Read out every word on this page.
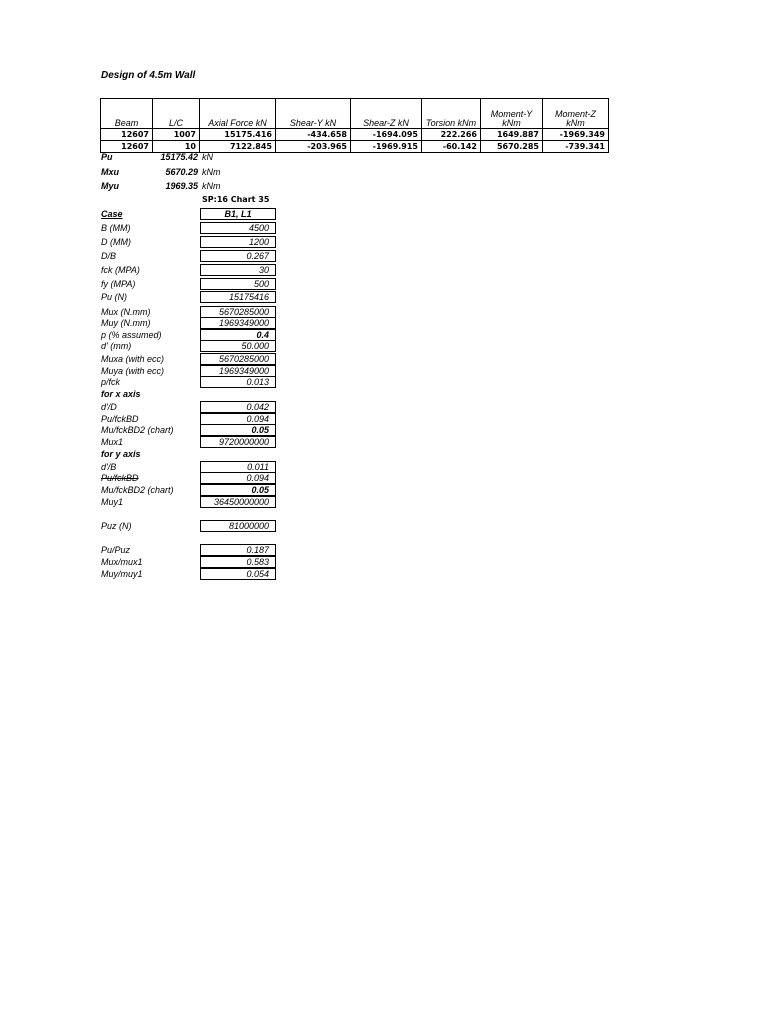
Design of 4.5m Wall
Beam	L/C	Axial Force kN	Shear-Y kN	Shear-Z kN	Torsion kNm	Moment-Y kNm	Moment-Z kNm
12607	1007	15175.416	-434.658	-1694.095	222.266	1649.887	-1969.349
12607	10	7122.845	-203.965	-1969.915	-60.142	5670.285	-739.341
Pu	15175.42 kN
Mxu	5670.29 kNm
Myu	1969.35 kNm
SP:16 Chart 35
Case	B1, L1
B (MM)	4500
D (MM)	1200
D/B	0.267
fck (MPA)	30
fy (MPA)	500
Pu (N)	15175416
Mux (N.mm)	5670285000
Muy (N.mm)	1969349000
p (% assumed)	0.4
d' (mm)	50.000
Muxa (with ecc)	5670285000
Muya (with ecc)	1969349000
p/fck	0.013
for x axis
d'/D	0.042
Pu/fckBD	0.094
Mu/fckBD2 (chart)	0.05
Mux1	9720000000
for y axis
d'/B	0.011
Pu/fckBD	0.094
Mu/fckBD2 (chart)	0.05
Muy1	36450000000
Puz (N)	81000000
Pu/Puz	0.187
Mux/mux1	0.583
Muy/muy1	0.054
